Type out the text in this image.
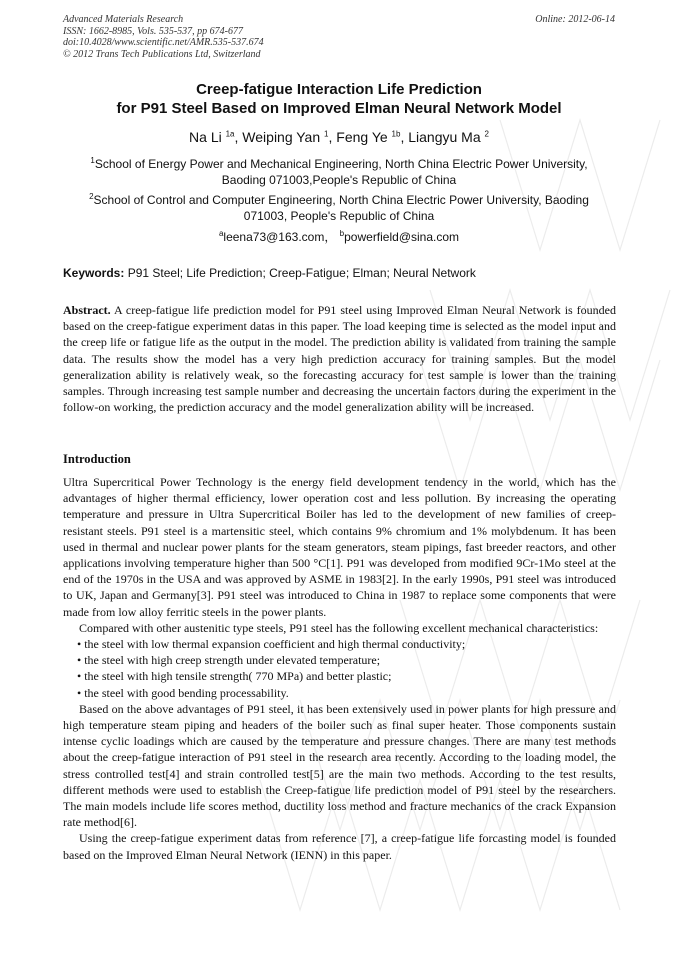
Advanced Materials Research
ISSN: 1662-8985, Vols. 535-537, pp 674-677
doi:10.4028/www.scientific.net/AMR.535-537.674
© 2012 Trans Tech Publications Ltd, Switzerland
Online: 2012-06-14
Creep-fatigue Interaction Life Prediction
for P91 Steel Based on Improved Elman Neural Network Model
Na Li $^{1a}$, Weiping Yan $^1$, Feng Ye $^{1b}$, Liangyu Ma $^2$
$^1$School of Energy Power and Mechanical Engineering, North China Electric Power University, Baoding 071003,People's Republic of China
$^2$School of Control and Computer Engineering, North China Electric Power University, Baoding 071003, People's Republic of China
$^a$leena73@163.com， $^b$powerfield@sina.com
Keywords: P91 Steel; Life Prediction; Creep-Fatigue; Elman; Neural Network
Abstract. A creep-fatigue life prediction model for P91 steel using Improved Elman Neural Network is founded based on the creep-fatigue experiment datas in this paper. The load keeping time is selected as the model input and the creep life or fatigue life as the output in the model. The prediction ability is validated from training the sample data. The results show the model has a very high prediction accuracy for training samples. But the model generalization ability is relatively weak, so the forecasting accuracy for test sample is lower than the training samples. Through increasing test sample number and decreasing the uncertain factors during the experiment in the follow-on working, the prediction accuracy and the model generalization ability will be increased.
Introduction

Ultra Supercritical Power Technology is the energy field development tendency in the world, which has the advantages of higher thermal efficiency, lower operation cost and less pollution. By increasing the operating temperature and pressure in Ultra Supercritical Boiler has led to the development of new families of creep-resistant steels. P91 steel is a martensitic steel, which contains 9% chromium and 1% molybdenum. It has been used in thermal and nuclear power plants for the steam generators, steam pipings, fast breeder reactors, and other applications involving temperature higher than 500 °C[1]. P91 was developed from modified 9Cr-1Mo steel at the end of the 1970s in the USA and was approved by ASME in 1983[2]. In the early 1990s, P91 steel was introduced to UK, Japan and Germany[3]. P91 steel was introduced to China in 1987 to replace some components that were made from low alloy ferritic steels in the power plants.

Compared with other austenitic type steels, P91 steel has the following excellent mechanical characteristics:

• the steel with low thermal expansion coefficient and high thermal conductivity;
• the steel with high creep strength under elevated temperature;
• the steel with high tensile strength( 770 MPa) and better plastic;
• the steel with good bending processability.

Based on the above advantages of P91 steel, it has been extensively used in power plants for high pressure and high temperature steam piping and headers of the boiler such as final super heater. Those components sustain intense cyclic loadings which are caused by the temperature and pressure changes. There are many test methods about the creep-fatigue interaction of P91 steel in the research area recently. According to the loading model, the stress controlled test[4] and strain controlled test[5] are the main two methods. According to the test results, different methods were used to establish the Creep-fatigue life prediction model of P91 steel by the researchers. The main models include life scores method, ductility loss method and fracture mechanics of the crack Expansion rate method[6].

Using the creep-fatigue experiment datas from reference [7], a creep-fatigue life forcasting model is founded based on the Improved Elman Neural Network (IENN) in this paper.
